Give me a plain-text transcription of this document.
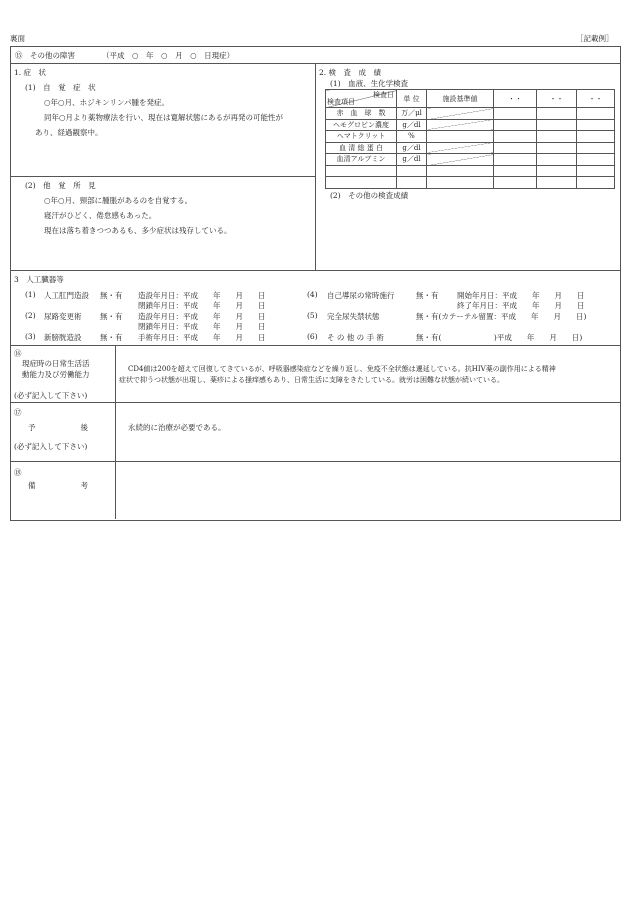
裏面	［記載例］
⑮　その他の障害	（平成　○　年　○　月　○　日現症）
1. 症　状
(1)　自　覚　症　状
○年○月、ホジキンリンパ腫を発症。
同年○月より薬物療法を行い、現在は寛解状態にあるが再発の可能性が
あり、経過観察中。
(2)　他　覚　所　見
○年○月、頸部に腫脹があるのを自覚する。
寝汗がひどく、倦怠感もあった。
現在は落ち着きつつあるも、多少症状は残存している。
2. 検　査　成　績
(1)　血液、生化学検査
検査日
検査項目	単 位	施設基準値	・・	・・	・・
赤　血　球　数	万／μl				
ヘモグロビン濃度	g／dl				
ヘマトクリット	%				
血 清 総 蛋 白	g／dl				
血清アルブミン	g／dl				

(2)　その他の検査成績
3　人工臓器等
(1) 人工肛門造設 無・有 造設年月日：平成　　年　　月　　日
閉鎖年月日：平成　　年　　月　　日
(2) 尿路変更術 無・有 造設年月日：平成　　年　　月　　日
閉鎖年月日：平成　　年　　月　　日
(3) 新膀胱造設 無・有 手術年月日：平成　　年　　月　　日
(4) 自己導尿の常時施行	無・有 開始年月日：平成　　年　　月　　日
終了年月日：平成　　年　　月　　日
(5) 完全尿失禁状態	無・有(カテーテル留置：平成　　年　　月　　日)
(6) そ の 他 の 手 術	無・有(　　　　　　　)平成　　年　　月　　日)
⑯
現症時の日常生活活
動能力及び労働能力
(必ず記入して下さい)
CD4値は200を超えて回復してきているが、呼吸器感染症などを繰り返し、免疫不全状態は遷延している。抗HIV薬の副作用による精神
症状で抑うつ状態が出現し、薬疹による掻痒感もあり、日常生活に支障をきたしている。就労は困難な状態が続いている。
⑰
予　　　　　　後
(必ず記入して下さい)
永続的に治療が必要である。
⑱
備　　　　　　考
